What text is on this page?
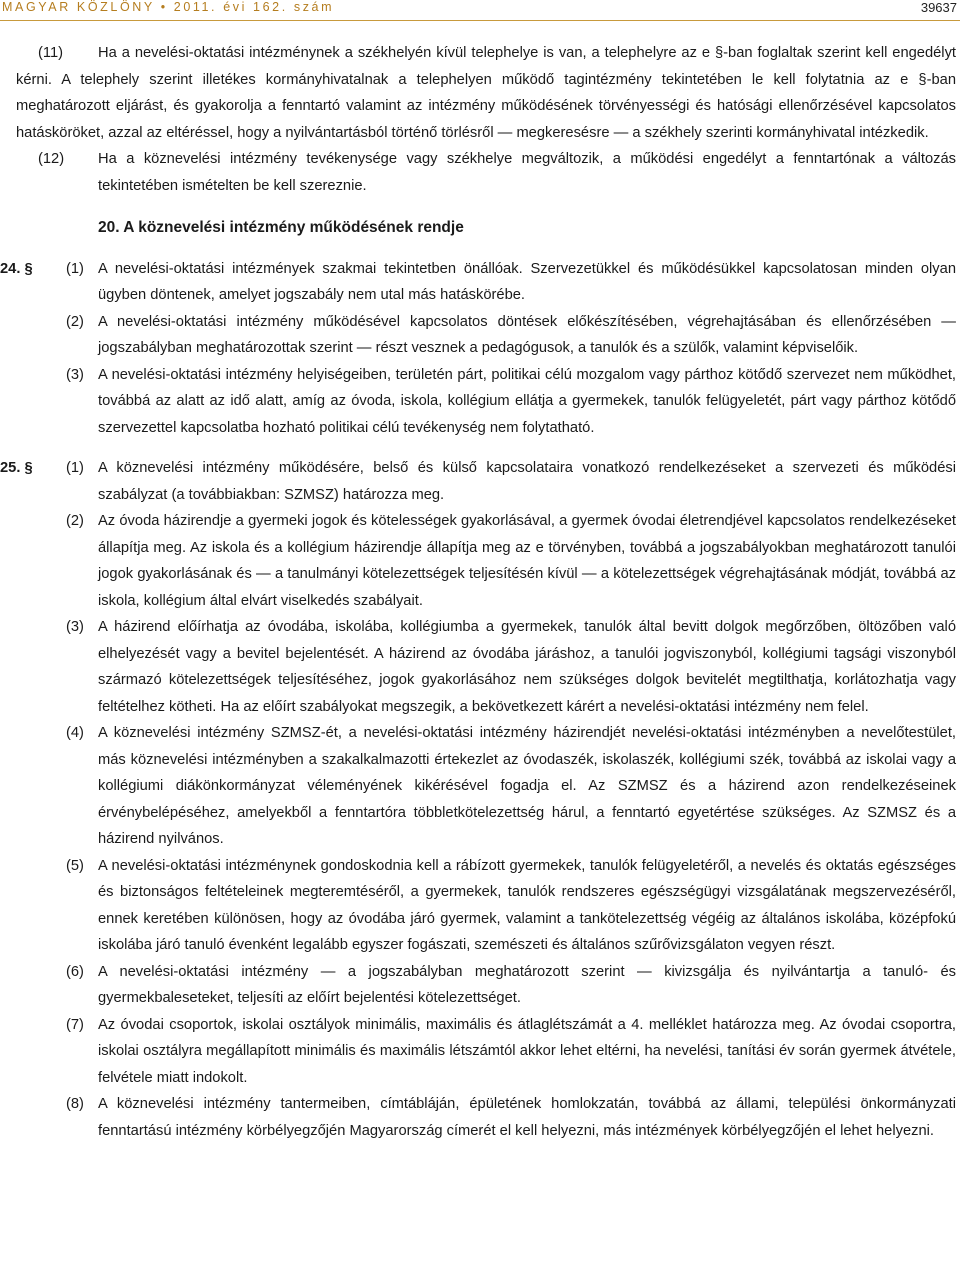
MAGYAR KÖZLÖNY • 2011. évi 162. szám	39637

(11) Ha a nevelési-oktatási intézménynek a székhelyén kívül telephelye is van, a telephelyre az e §-ban foglaltak szerint kell engedélyt kérni. A telephely szerint illetékes kormányhivatalnak a telephelyen működő tagintézmény tekintetében le kell folytatnia az e §-ban meghatározott eljárást, és gyakorolja a fenntartó valamint az intézmény működésének törvényességi és hatósági ellenőrzésével kapcsolatos hatásköröket, azzal az eltéréssel, hogy a nyilvántartásból történő törlésről — megkeresésre — a székhely szerinti kormányhivatal intézkedik.

(12) Ha a köznevelési intézmény tevékenysége vagy székhelye megváltozik, a működési engedélyt a fenntartónak a változás tekintetében ismételten be kell szereznie.

20. A köznevelési intézmény működésének rendje

24. § (1) A nevelési-oktatási intézmények szakmai tekintetben önállóak. Szervezetükkel és működésükkel kapcsolatosan minden olyan ügyben döntenek, amelyet jogszabály nem utal más hatáskörébe.

(2) A nevelési-oktatási intézmény működésével kapcsolatos döntések előkészítésében, végrehajtásában és ellenőrzésében — jogszabályban meghatározottak szerint — részt vesznek a pedagógusok, a tanulók és a szülők, valamint képviselőik.

(3) A nevelési-oktatási intézmény helyiségeiben, területén párt, politikai célú mozgalom vagy párthoz kötődő szervezet nem működhet, továbbá az alatt az idő alatt, amíg az óvoda, iskola, kollégium ellátja a gyermekek, tanulók felügyeletét, párt vagy párthoz kötődő szervezettel kapcsolatba hozható politikai célú tevékenység nem folytatható.

25. § (1) A köznevelési intézmény működésére, belső és külső kapcsolataira vonatkozó rendelkezéseket a szervezeti és működési szabályzat (a továbbiakban: SZMSZ) határozza meg.

(2) Az óvoda házirendje a gyermeki jogok és kötelességek gyakorlásával, a gyermek óvodai életrendjével kapcsolatos rendelkezéseket állapítja meg. Az iskola és a kollégium házirendje állapítja meg az e törvényben, továbbá a jogszabályokban meghatározott tanulói jogok gyakorlásának és — a tanulmányi kötelezettségek teljesítésén kívül — a kötelezettségek végrehajtásának módját, továbbá az iskola, kollégium által elvárt viselkedés szabályait.

(3) A házirend előírhatja az óvodába, iskolába, kollégiumba a gyermekek, tanulók által bevitt dolgok megőrzőben, öltözőben való elhelyezését vagy a bevitel bejelentését. A házirend az óvodába járáshoz, a tanulói jogviszonyból, kollégiumi tagsági viszonyból származó kötelezettségek teljesítéséhez, jogok gyakorlásához nem szükséges dolgok bevitelét megtilthatja, korlátozhatja vagy feltételhez kötheti. Ha az előírt szabályokat megszegik, a bekövetkezett kárért a nevelési-oktatási intézmény nem felel.

(4) A köznevelési intézmény SZMSZ-ét, a nevelési-oktatási intézmény házirendjét nevelési-oktatási intézményben a nevelőtestület, más köznevelési intézményben a szakalkalmazotti értekezlet az óvodaszék, iskolaszék, kollégiumi szék, továbbá az iskolai vagy a kollégiumi diákönkormányzat véleményének kikérésével fogadja el. Az SZMSZ és a házirend azon rendelkezéseinek érvénybelépéséhez, amelyekből a fenntartóra többletkötelezettség hárul, a fenntartó egyetértése szükséges. Az SZMSZ és a házirend nyilvános.

(5) A nevelési-oktatási intézménynek gondoskodnia kell a rábízott gyermekek, tanulók felügyeletéről, a nevelés és oktatás egészséges és biztonságos feltételeinek megteremtéséről, a gyermekek, tanulók rendszeres egészségügyi vizsgálatának megszervezéséről, ennek keretében különösen, hogy az óvodába járó gyermek, valamint a tankötelezettség végéig az általános iskolába, középfokú iskolába járó tanuló évenként legalább egyszer fogászati, szemészeti és általános szűrővizsgálaton vegyen részt.

(6) A nevelési-oktatási intézmény — a jogszabályban meghatározott szerint — kivizsgálja és nyilvántartja a tanuló- és gyermekbaleseteket, teljesíti az előírt bejelentési kötelezettséget.

(7) Az óvodai csoportok, iskolai osztályok minimális, maximális és átlaglétszámát a 4. melléklet határozza meg. Az óvodai csoportra, iskolai osztályra megállapított minimális és maximális létszámtól akkor lehet eltérni, ha nevelési, tanítási év során gyermek átvétele, felvétele miatt indokolt.

(8) A köznevelési intézmény tantermeiben, címtábláján, épületének homlokzatán, továbbá az állami, települési önkormányzati fenntartású intézmény körbélyegzőjén Magyarország címerét el kell helyezni, más intézmények körbélyegzőjén el lehet helyezni.
